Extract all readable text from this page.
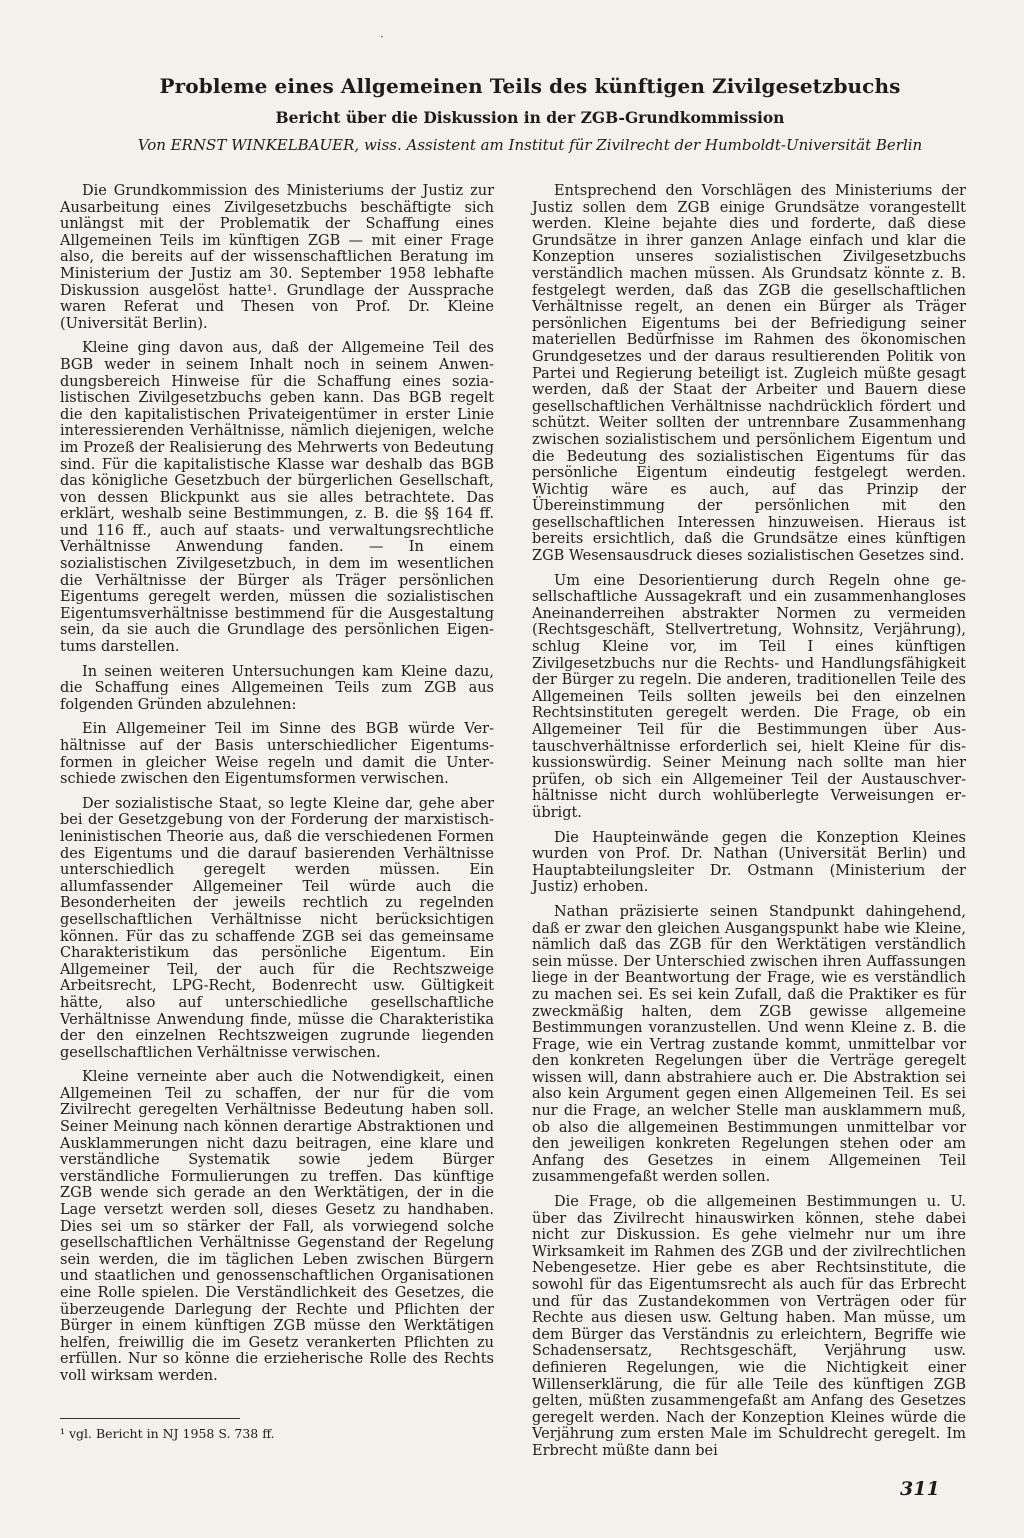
·
Probleme eines Allgemeinen Teils des künftigen Zivilgesetzbuchs
Bericht über die Diskussion in der ZGB-Grundkommission
Von ERNST WINKELBAUER, wiss. Assistent am Institut für Zivilrecht der Humboldt-Universität Berlin

Die Grundkommission des Ministeriums der Justiz zur Ausarbeitung eines Zivilgesetzbuchs beschäftigte sich unlängst mit der Problematik der Schaffung eines Allgemeinen Teils im künftigen ZGB — mit einer Frage also, die bereits auf der wissenschaftlichen Beratung im Ministerium der Justiz am 30. September 1958 lebhafte Diskussion ausgelöst hatte¹. Grundlage der Aussprache waren Referat und Thesen von Prof. Dr. Kleine (Universität Berlin).

Kleine ging davon aus, daß der Allgemeine Teil des BGB weder in seinem Inhalt noch in seinem Anwendungsbereich Hinweise für die Schaffung eines sozialistischen Zivilgesetzbuchs geben kann. Das BGB regelt die den kapitalistischen Privateigentümer in erster Linie interessierenden Verhältnisse, nämlich diejenigen, welche im Prozeß der Realisierung des Mehrwerts von Bedeutung sind. Für die kapitalistische Klasse war deshalb das BGB das königliche Gesetzbuch der bürgerlichen Gesellschaft, von dessen Blickpunkt aus sie alles betrachtete. Das erklärt, weshalb seine Bestimmungen, z. B. die §§ 164 ff. und 116 ff., auch auf staats- und verwaltungsrechtliche Verhältnisse Anwendung fanden. — In einem sozialistischen Zivilgesetzbuch, in dem im wesentlichen die Verhältnisse der Bürger als Träger persönlichen Eigentums geregelt werden, müssen die sozialistischen Eigentumsverhältnisse bestimmend für die Ausgestaltung sein, da sie auch die Grundlage des persönlichen Eigentums darstellen.

In seinen weiteren Untersuchungen kam Kleine dazu, die Schaffung eines Allgemeinen Teils zum ZGB aus folgenden Gründen abzulehnen:

Ein Allgemeiner Teil im Sinne des BGB würde Verhältnisse auf der Basis unterschiedlicher Eigentumsformen in gleicher Weise regeln und damit die Unterschiede zwischen den Eigentumsformen verwischen.

Der sozialistische Staat, so legte Kleine dar, gehe aber bei der Gesetzgebung von der Forderung der marxistisch-leninistischen Theorie aus, daß die verschiedenen Formen des Eigentums und die darauf basierenden Verhältnisse unterschiedlich geregelt werden müssen. Ein allumfassender Allgemeiner Teil würde auch die Besonderheiten der jeweils rechtlich zu regelnden gesellschaftlichen Verhältnisse nicht berücksichtigen können. Für das zu schaffende ZGB sei das gemeinsame Charakteristikum das persönliche Eigentum. Ein Allgemeiner Teil, der auch für die Rechtszweige Arbeitsrecht, LPG-Recht, Bodenrecht usw. Gültigkeit hätte, also auf unterschiedliche gesellschaftliche Verhältnisse Anwendung finde, müsse die Charakteristika der den einzelnen Rechtszweigen zugrunde liegenden gesellschaftlichen Verhältnisse verwischen.

Kleine verneinte aber auch die Notwendigkeit, einen Allgemeinen Teil zu schaffen, der nur für die vom Zivilrecht geregelten Verhältnisse Bedeutung haben soll. Seiner Meinung nach können derartige Abstraktionen und Ausklammerungen nicht dazu beitragen, eine klare und verständliche Systematik sowie jedem Bürger verständliche Formulierungen zu treffen. Das künftige ZGB wende sich gerade an den Werktätigen, der in die Lage versetzt werden soll, dieses Gesetz zu handhaben. Dies sei um so stärker der Fall, als vorwiegend solche gesellschaftlichen Verhältnisse Gegenstand der Regelung sein werden, die im täglichen Leben zwischen Bürgern und staatlichen und genossenschaftlichen Organisationen eine Rolle spielen. Die Verständlichkeit des Gesetzes, die überzeugende Darlegung der Rechte und Pflichten der Bürger in einem künftigen ZGB müsse den Werktätigen helfen, freiwillig die im Gesetz verankerten Pflichten zu erfüllen. Nur so könne die erzieherische Rolle des Rechts voll wirksam werden.

Entsprechend den Vorschlägen des Ministeriums der Justiz sollen dem ZGB einige Grundsätze vorangestellt werden. Kleine bejahte dies und forderte, daß diese Grundsätze in ihrer ganzen Anlage einfach und klar die Konzeption unseres sozialistischen Zivilgesetzbuchs verständlich machen müssen. Als Grundsatz könnte z. B. festgelegt werden, daß das ZGB die gesellschaftlichen Verhältnisse regelt, an denen ein Bürger als Träger persönlichen Eigentums bei der Befriedigung seiner materiellen Bedürfnisse im Rahmen des ökonomischen Grundgesetzes und der daraus resultierenden Politik von Partei und Regierung beteiligt ist. Zugleich müßte gesagt werden, daß der Staat der Arbeiter und Bauern diese gesellschaftlichen Verhältnisse nachdrücklich fördert und schützt. Weiter sollten der untrennbare Zusammenhang zwischen sozialistischem und persönlichem Eigentum und die Bedeutung des sozialistischen Eigentums für das persönliche Eigentum eindeutig festgelegt werden. Wichtig wäre es auch, auf das Prinzip der Übereinstimmung der persönlichen mit den gesellschaftlichen Interessen hinzuweisen. Hieraus ist bereits ersichtlich, daß die Grundsätze eines künftigen ZGB Wesensausdruck dieses sozialistischen Gesetzes sind.

Um eine Desorientierung durch Regeln ohne gesellschaftliche Aussagekraft und ein zusammenhangloses Aneinanderreihen abstrakter Normen zu vermeiden (Rechtsgeschäft, Stellvertretung, Wohnsitz, Verjährung), schlug Kleine vor, im Teil I eines künftigen Zivilgesetzbuchs nur die Rechts- und Handlungsfähigkeit der Bürger zu regeln. Die anderen, traditionellen Teile des Allgemeinen Teils sollten jeweils bei den einzelnen Rechtsinstituten geregelt werden. Die Frage, ob ein Allgemeiner Teil für die Bestimmungen über Austauschverhältnisse erforderlich sei, hielt Kleine für diskussionswürdig. Seiner Meinung nach sollte man hier prüfen, ob sich ein Allgemeiner Teil der Austauschverhältnisse nicht durch wohlüberlegte Verweisungen erübrigt.

Die Haupteinwände gegen die Konzeption Kleines wurden von Prof. Dr. Nathan (Universität Berlin) und Hauptabteilungsleiter Dr. Ostmann (Ministerium der Justiz) erhoben.

Nathan präzisierte seinen Standpunkt dahingehend, daß er zwar den gleichen Ausgangspunkt habe wie Kleine, nämlich daß das ZGB für den Werktätigen verständlich sein müsse. Der Unterschied zwischen ihren Auffassungen liege in der Beantwortung der Frage, wie es verständlich zu machen sei. Es sei kein Zufall, daß die Praktiker es für zweckmäßig halten, dem ZGB gewisse allgemeine Bestimmungen voranzustellen. Und wenn Kleine z. B. die Frage, wie ein Vertrag zustande kommt, unmittelbar vor den konkreten Regelungen über die Verträge geregelt wissen will, dann abstrahiere auch er. Die Abstraktion sei also kein Argument gegen einen Allgemeinen Teil. Es sei nur die Frage, an welcher Stelle man ausklammern muß, ob also die allgemeinen Bestimmungen unmittelbar vor den jeweiligen konkreten Regelungen stehen oder am Anfang des Gesetzes in einem Allgemeinen Teil zusammengefaßt werden sollen.

Die Frage, ob die allgemeinen Bestimmungen u. U. über das Zivilrecht hinauswirken können, stehe dabei nicht zur Diskussion. Es gehe vielmehr nur um ihre Wirksamkeit im Rahmen des ZGB und der zivilrechtlichen Nebengesetze. Hier gebe es aber Rechtsinstitute, die sowohl für das Eigentumsrecht als auch für das Erbrecht und für das Zustandekommen von Verträgen oder für Rechte aus diesen usw. Geltung haben. Man müsse, um dem Bürger das Verständnis zu erleichtern, Begriffe wie Schadensersatz, Rechtsgeschäft, Verjährung usw. definieren Regelungen, wie die Nichtigkeit einer Willenserklärung, die für alle Teile des künftigen ZGB gelten, müßten zusammengefaßt am Anfang des Gesetzes geregelt werden. Nach der Konzeption Kleines würde die Verjährung zum ersten Male im Schuldrecht geregelt. Im Erbrecht müßte dann bei

¹ vgl. Bericht in NJ 1958 S. 738 ff.
311
